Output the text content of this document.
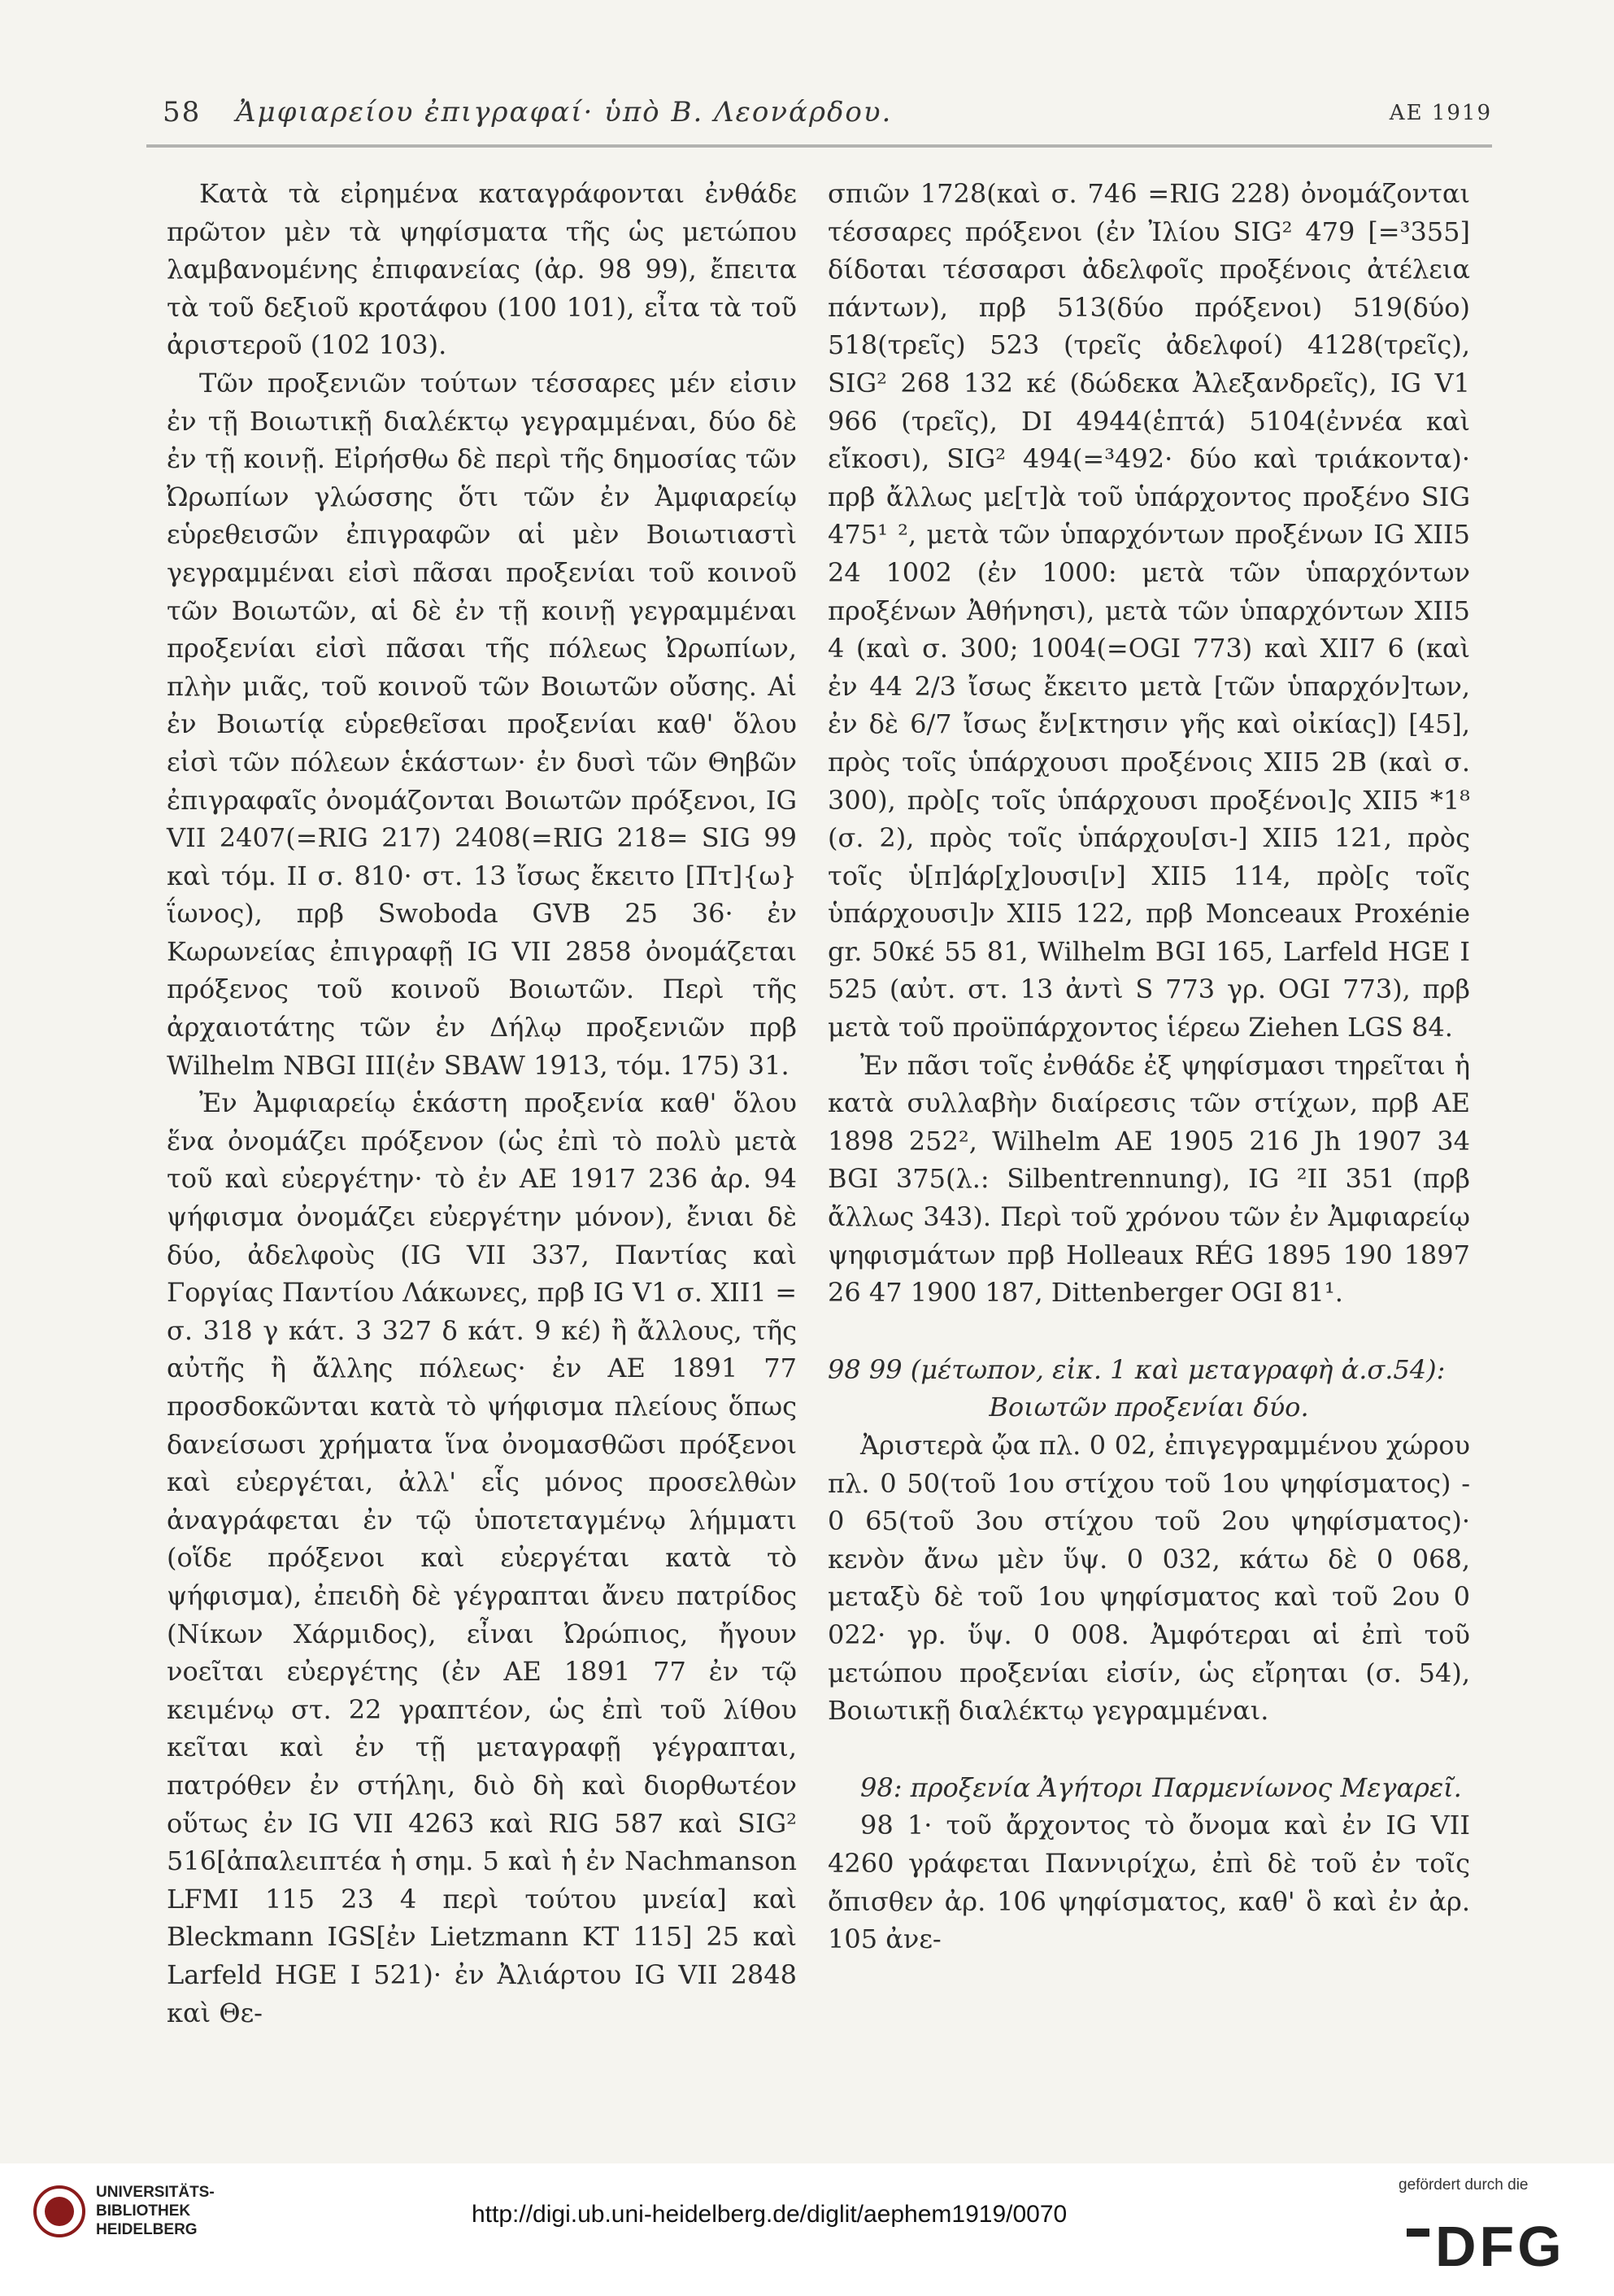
58 Ἀμφιαρείου ἐπιγραφαί· ὑπὸ Β. Λεονάρδου.	ΑΕ 1919

Κατὰ τὰ εἰρημένα καταγράφονται ἐνθάδε πρῶτον μὲν τὰ ψηφίσματα τῆς ὡς μετώπου λαμβανομένης ἐπιφανείας (ἀρ. 98 99), ἔπειτα τὰ τοῦ δεξιοῦ κροτάφου (100 101), εἶτα τὰ τοῦ ἀριστεροῦ (102 103).

Τῶν προξενιῶν τούτων τέσσαρες μέν εἰσιν ἐν τῇ Βοιωτικῇ διαλέκτῳ γεγραμμέναι, δύο δὲ ἐν τῇ κοινῇ. Εἰρήσθω δὲ περὶ τῆς δημοσίας τῶν Ὠρωπίων γλώσσης ὅτι τῶν ἐν Ἀμφιαρείῳ εὑρεθεισῶν ἐπιγραφῶν αἱ μὲν Βοιωτιαστὶ γεγραμμέναι εἰσὶ πᾶσαι προξενίαι τοῦ κοινοῦ τῶν Βοιωτῶν, αἱ δὲ ἐν τῇ κοινῇ γεγραμμέναι προξενίαι εἰσὶ πᾶσαι τῆς πόλεως Ὠρωπίων, πλὴν μιᾶς, τοῦ κοινοῦ τῶν Βοιωτῶν οὔσης. Αἱ ἐν Βοιωτίᾳ εὑρεθεῖσαι προξενίαι καθ' ὅλου εἰσὶ τῶν πόλεων ἑκάστων· ἐν δυσὶ τῶν Θηβῶν ἐπιγραφαῖς ὀνομάζονται Βοιωτῶν πρόξενοι, IG VII 2407(=RIG 217) 2408(=RIG 218= SIG 99 καὶ τόμ. II σ. 810· στ. 13 ἴσως ἔκειτο [Πτ]{ω}ΐωνος), πρβ Swoboda GVB 25 36· ἐν Κωρωνείας ἐπιγραφῇ IG VII 2858 ὀνομάζεται πρόξενος τοῦ κοινοῦ Βοιωτῶν. Περὶ τῆς ἀρχαιοτάτης τῶν ἐν Δήλῳ προξενιῶν πρβ Wilhelm NBGI III(ἐν SBAW 1913, τόμ. 175) 31.

Ἐν Ἀμφιαρείῳ ἑκάστη προξενία καθ' ὅλου ἕνα ὀνομάζει πρόξενον (ὡς ἐπὶ τὸ πολὺ μετὰ τοῦ καὶ εὐεργέτην· τὸ ἐν ΑΕ 1917 236 ἀρ. 94 ψήφισμα ὀνομάζει εὐεργέτην μόνον), ἔνιαι δὲ δύο, ἀδελφοὺς (IG VII 337, Παντίας καὶ Γοργίας Παντίου Λάκωνες, πρβ IG V1 σ. XII1 = σ. 318 γ κάτ. 3 327 δ κάτ. 9 κέ) ἢ ἄλλους, τῆς αὐτῆς ἢ ἄλλης πόλεως· ἐν ΑΕ 1891 77 προσδοκῶνται κατὰ τὸ ψήφισμα πλείους ὅπως δανείσωσι χρήματα ἵνα ὀνομασθῶσι πρόξενοι καὶ εὐεργέται, ἀλλ' εἷς μόνος προσελθὼν ἀναγράφεται ἐν τῷ ὑποτεταγμένῳ λήμματι (οἵδε πρόξενοι καὶ εὐεργέται κατὰ τὸ ψήφισμα), ἐπειδὴ δὲ γέγραπται ἄνευ πατρίδος (Νίκων Χάρμιδος), εἶναι Ὠρώπιος, ἤγουν νοεῖται εὐεργέτης (ἐν ΑΕ 1891 77 ἐν τῷ κειμένῳ στ. 22 γραπτέον, ὡς ἐπὶ τοῦ λίθου κεῖται καὶ ἐν τῇ μεταγραφῇ γέγραπται, πατρόθεν ἐν στήληι, διὸ δὴ καὶ διορθωτέον οὕτως ἐν IG VII 4263 καὶ RIG 587 καὶ SIG² 516[ἀπαλειπτέα ἡ σημ. 5 καὶ ἡ ἐν Nachmanson LFMI 115 23 4 περὶ τούτου μνεία] καὶ Bleckmann IGS[ἐν Lietzmann KT 115] 25 καὶ Larfeld HGE I 521)· ἐν Ἀλιάρτου IG VII 2848 καὶ Θε-

σπιῶν 1728(καὶ σ. 746 =RIG 228) ὀνομάζονται τέσσαρες πρόξενοι (ἐν Ἰλίου SIG² 479 [=³355] δίδοται τέσσαρσι ἀδελφοῖς προξένοις ἀτέλεια πάντων), πρβ 513(δύο πρόξενοι) 519(δύο) 518(τρεῖς) 523 (τρεῖς ἀδελφοί) 4128(τρεῖς), SIG² 268 132 κέ (δώδεκα Ἀλεξανδρεῖς), IG V1 966 (τρεῖς), DI 4944(ἑπτά) 5104(ἐννέα καὶ εἴκοσι), SIG² 494(=³492· δύο καὶ τριάκοντα)· πρβ ἄλλως με[τ]ὰ τοῦ ὑπάρχοντος προξένο SIG 475¹ ², μετὰ τῶν ὑπαρχόντων προξένων IG XII5 24 1002 (ἐν 1000: μετὰ τῶν ὑπαρχόντων προξένων Ἀθήνησι), μετὰ τῶν ὑπαρχόντων XII5 4 (καὶ σ. 300; 1004(=OGI 773) καὶ XII7 6 (καὶ ἐν 44 2/3 ἴσως ἔκειτο μετὰ [τῶν ὑπαρχόν]των, ἐν δὲ 6/7 ἴσως ἔν[κτησιν γῆς καὶ οἰκίας]) [45], πρὸς τοῖς ὑπάρχουσι προξένοις XII5 2B (καὶ σ. 300), πρὸ[ς τοῖς ὑπάρχουσι προξένοι]ς XII5 *1⁸ (σ. 2), πρὸς τοῖς ὑπάρχου[σι-] XII5 121, πρὸς τοῖς ὑ[π]άρ[χ]ουσι[ν] XII5 114, πρὸ[ς τοῖς ὑπάρχουσι]ν XII5 122, πρβ Monceaux Proxénie gr. 50κέ 55 81, Wilhelm BGI 165, Larfeld HGE I 525 (αὐτ. στ. 13 ἀντὶ S 773 γρ. OGI 773), πρβ μετὰ τοῦ προϋπάρχοντος ἱέρεω Ziehen LGS 84.

Ἐν πᾶσι τοῖς ἐνθάδε ἐξ ψηφίσμασι τηρεῖται ἡ κατὰ συλλαβὴν διαίρεσις τῶν στίχων, πρβ ΑΕ 1898 252², Wilhelm ΑΕ 1905 216 Jh 1907 34 BGI 375(λ.: Silbentrennung), IG ²II 351 (πρβ ἄλλως 343). Περὶ τοῦ χρόνου τῶν ἐν Ἀμφιαρείῳ ψηφισμάτων πρβ Holleaux RÉG 1895 190 1897 26 47 1900 187, Dittenberger OGI 81¹.

98 99 (μέτωπον, εἰκ. 1 καὶ μεταγραφὴ ἀ.σ.54):

Βοιωτῶν προξενίαι δύο.

Ἀριστερὰ ᾤα πλ. 0 02, ἐπιγεγραμμένου χώρου πλ. 0 50(τοῦ 1ου στίχου τοῦ 1ου ψηφίσματος) - 0 65(τοῦ 3ου στίχου τοῦ 2ου ψηφίσματος)· κενὸν ἄνω μὲν ὕψ. 0 032, κάτω δὲ 0 068, μεταξὺ δὲ τοῦ 1ου ψηφίσματος καὶ τοῦ 2ου 0 022· γρ. ὕψ. 0 008. Ἀμφότεραι αἱ ἐπὶ τοῦ μετώπου προξενίαι εἰσίν, ὡς εἴρηται (σ. 54), Βοιωτικῇ διαλέκτῳ γεγραμμέναι.

98: προξενία Ἀγήτορι Παρμενίωνος Μεγαρεῖ.

98 1· τοῦ ἄρχοντος τὸ ὄνομα καὶ ἐν IG VII 4260 γράφεται Παννιρίχω, ἐπὶ δὲ τοῦ ἐν τοῖς ὄπισθεν ἀρ. 106 ψηφίσματος, καθ' ὃ καὶ ἐν ἀρ. 105 ἀνε-

UNIVERSITÄTS-BIBLIOTHEK HEIDELBERG
http://digi.ub.uni-heidelberg.de/diglit/aephem1919/0070
gefördert durch die
DFG
